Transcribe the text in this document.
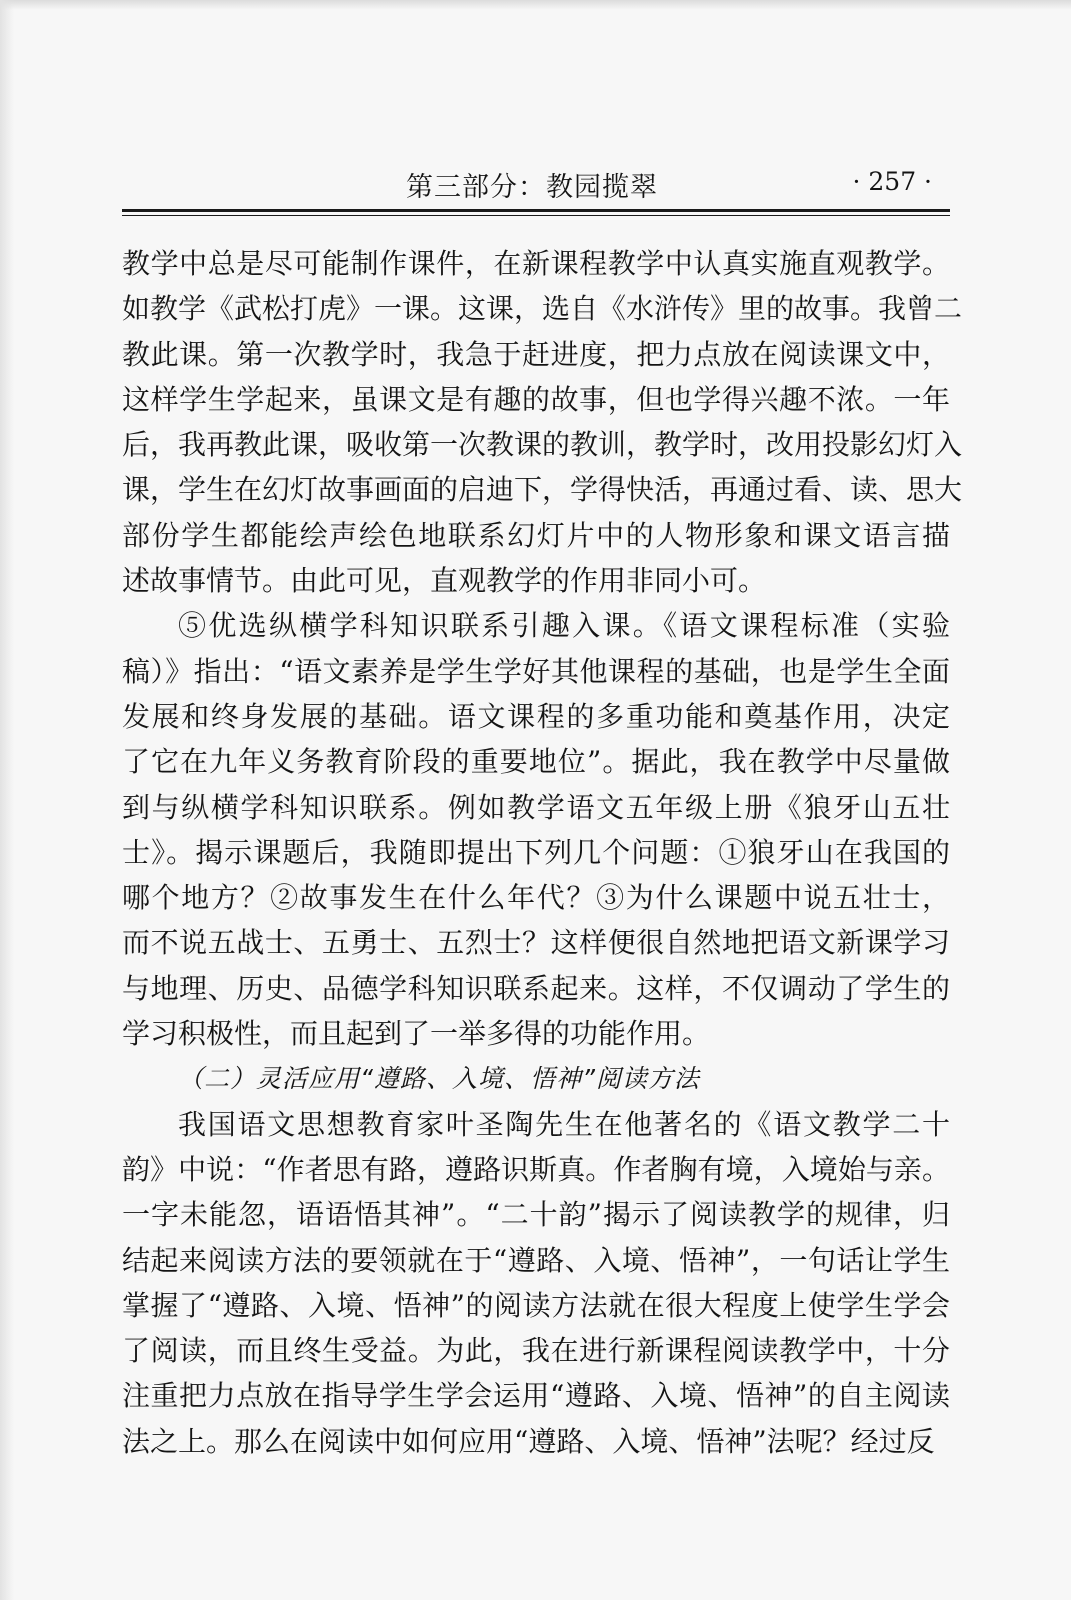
第三部分：教园揽翠	· 257 ·
教学中总是尽可能制作课件，在新课程教学中认真实施直观教学。
如教学《武松打虎》一课。这课，选自《水浒传》里的故事。我曾二
教此课。第一次教学时，我急于赶进度，把力点放在阅读课文中，
这样学生学起来，虽课文是有趣的故事，但也学得兴趣不浓。一年
后，我再教此课，吸收第一次教课的教训，教学时，改用投影幻灯入
课，学生在幻灯故事画面的启迪下，学得快活，再通过看、读、思大
部份学生都能绘声绘色地联系幻灯片中的人物形象和课文语言描
述故事情节。由此可见，直观教学的作用非同小可。
⑤优选纵横学科知识联系引趣入课。《语文课程标准（实验
稿）》指出：“语文素养是学生学好其他课程的基础，也是学生全面
发展和终身发展的基础。语文课程的多重功能和奠基作用，决定
了它在九年义务教育阶段的重要地位”。据此，我在教学中尽量做
到与纵横学科知识联系。例如教学语文五年级上册《狼牙山五壮
士》。揭示课题后，我随即提出下列几个问题：①狼牙山在我国的
哪个地方？②故事发生在什么年代？③为什么课题中说五壮士，
而不说五战士、五勇士、五烈士？这样便很自然地把语文新课学习
与地理、历史、品德学科知识联系起来。这样，不仅调动了学生的
学习积极性，而且起到了一举多得的功能作用。
（二）灵活应用“遵路、入境、悟神”阅读方法
我国语文思想教育家叶圣陶先生在他著名的《语文教学二十
韵》中说：“作者思有路，遵路识斯真。作者胸有境，入境始与亲。
一字未能忽，语语悟其神”。“二十韵”揭示了阅读教学的规律，归
结起来阅读方法的要领就在于“遵路、入境、悟神”，一句话让学生
掌握了“遵路、入境、悟神”的阅读方法就在很大程度上使学生学会
了阅读，而且终生受益。为此，我在进行新课程阅读教学中，十分
注重把力点放在指导学生学会运用“遵路、入境、悟神”的自主阅读
法之上。那么在阅读中如何应用“遵路、入境、悟神”法呢？经过反
